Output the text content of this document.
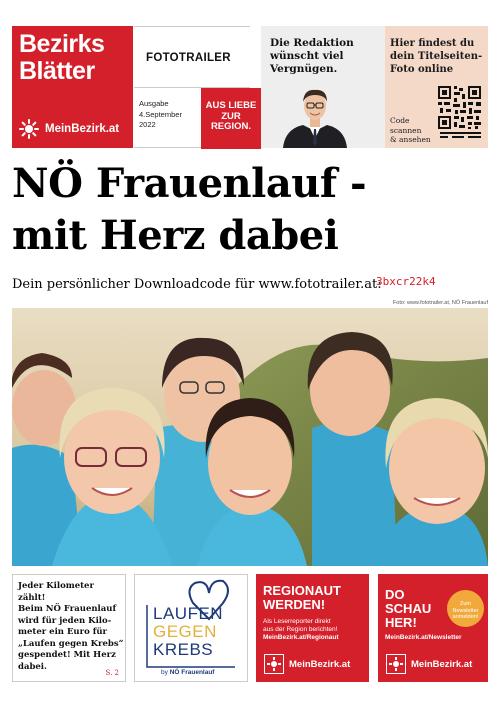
Bezirks
Blätter
MeinBezirk.at
FOTOTRAILER
Ausgabe
4.September
2022
AUS LIEBE
ZUR
REGION.
Die Redaktion wünscht viel Vergnügen.
Hier findest du dein Titelseiten-Foto online
Code
scannen
& ansehen
NÖ Frauenlauf -
mit Herz dabei
Dein persönlicher Downloadcode für www.fototrailer.at:
3bxcr22k4
Foto: www.fototrailer.at, NÖ Frauenlauf
Jeder Kilometer zählt!
Beim NÖ Frauenlauf
wird für jeden Kilo-
meter ein Euro für
„Laufen gegen Krebs“
gespendet! Mit Herz
dabei.
S. 2
LAUFEN
GEGEN
KREBS
by NÖ Frauenlauf
REGIONAUT
WERDEN!
Als Leserreporter direkt
aus der Region berichten!
MeinBezirk.at/Regionaut
MeinBezirk.at
DO
SCHAU
HER!
Zum
Newsletter
anmelden!
MeinBezirk.at/Newsletter
MeinBezirk.at
